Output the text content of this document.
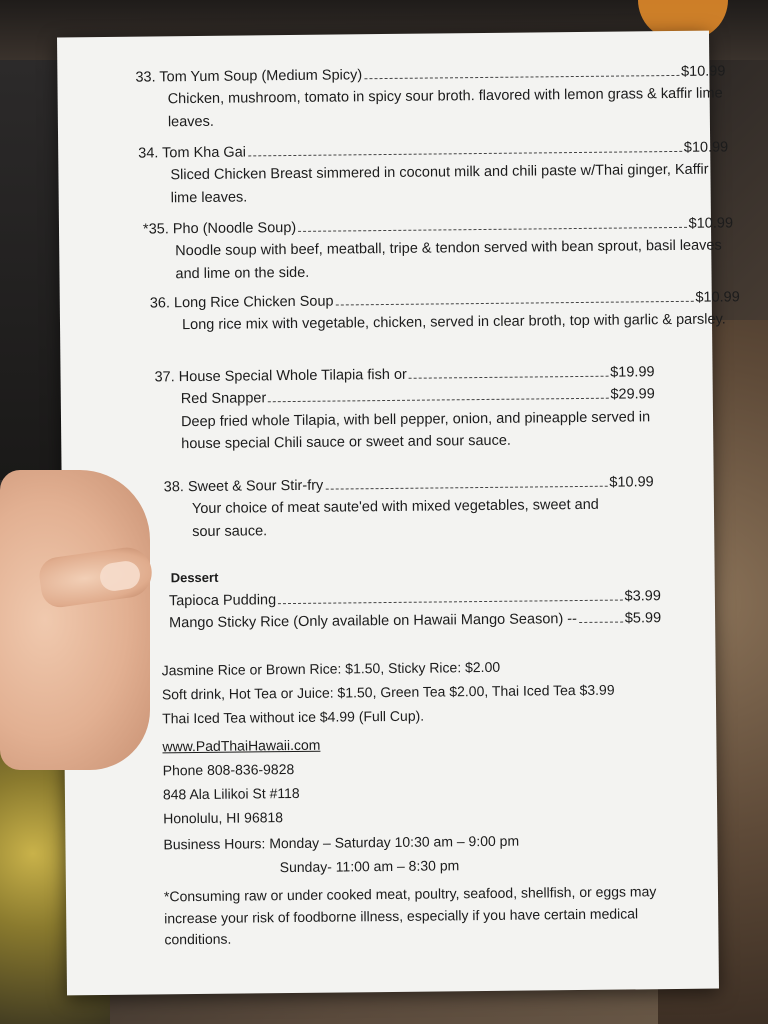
33. Tom Yum Soup (Medium Spicy)	$10.99
Chicken, mushroom, tomato in spicy sour broth. flavored with lemon grass & kaffir lime leaves.
34. Tom Kha Gai	$10.99
Sliced Chicken Breast simmered in coconut milk and chili paste w/Thai ginger, Kaffir lime leaves.
*35. Pho (Noodle Soup)	$10.99
Noodle soup with beef, meatball, tripe & tendon served with bean sprout, basil leaves and lime on the side.
36. Long Rice Chicken Soup	$10.99
Long rice mix with vegetable, chicken, served in clear broth, top with garlic & parsley.
37. House Special Whole Tilapia fish or	$19.99
Red Snapper	$29.99
Deep fried whole Tilapia, with bell pepper, onion, and pineapple served in house special Chili sauce or sweet and sour sauce.
38. Sweet & Sour Stir-fry	$10.99
Your choice of meat saute'ed with mixed vegetables, sweet and sour sauce.
Dessert
Tapioca Pudding	$3.99
Mango Sticky Rice (Only available on Hawaii Mango Season) --	$5.99
Jasmine Rice or Brown Rice: $1.50, Sticky Rice: $2.00
Soft drink, Hot Tea or Juice: $1.50, Green Tea $2.00, Thai Iced Tea $3.99
Thai Iced Tea without ice $4.99 (Full Cup).
www.PadThaiHawaii.com
Phone 808-836-9828
848 Ala Lilikoi St #118
Honolulu, HI 96818
Business Hours: Monday – Saturday 10:30 am – 9:00 pm
Sunday- 11:00 am – 8:30 pm
*Consuming raw or under cooked meat, poultry, seafood, shellfish, or eggs may increase your risk of foodborne illness, especially if you have certain medical conditions.
